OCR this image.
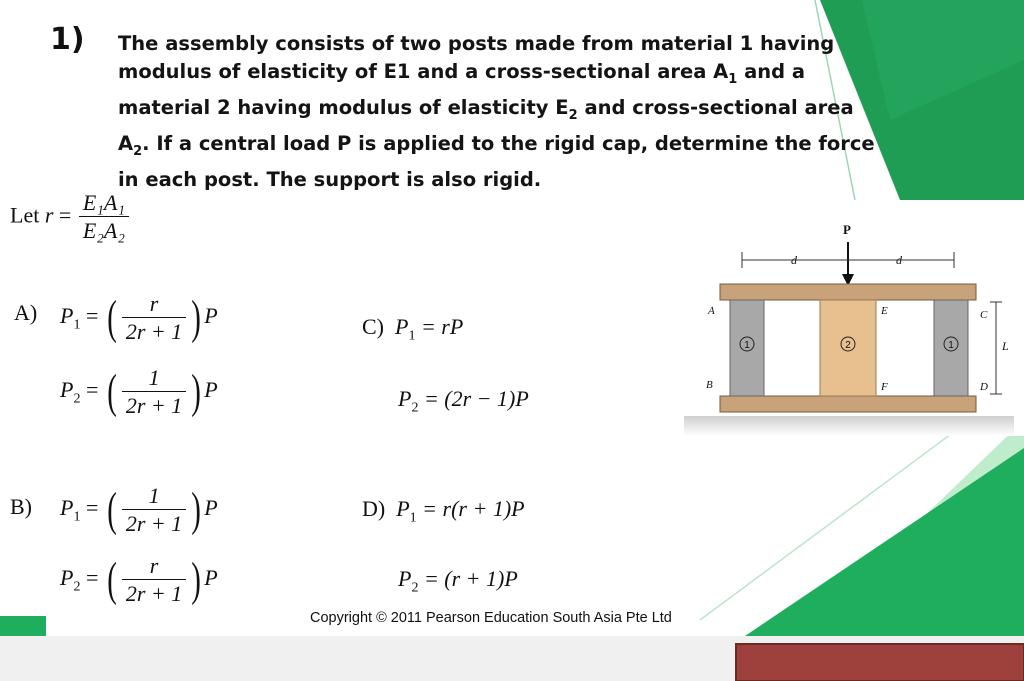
1) The assembly consists of two posts made from material 1 having
modulus of elasticity of E1 and a cross-sectional area $A_1$ and a
material 2 having modulus of elasticity $E_2$ and cross-sectional area
$A_2$. If a central load P is applied to the rigid cap, determine the force
in each post. The support is also rigid.

Let $r = \frac{\text{E₁A₁}}{\text{E₂A₂}}$
A) $P_1$ = ( $\frac{r}{2r + 1}$ ) P
$P_2$ = ( $\frac{1}{2r + 1}$ ) P
B) $P_1$ = ( $\frac{1}{2r + 1}$ ) P
$P_2$ = ( $\frac{r}{2r + 1}$ ) P
C) $P_1$ = rP
$P_2 = (2r - 1)P$
D) $P_1 = r(r + 1)P$
$P_2 = (r + 1)P$
P
d	d
1	2	1
A
B
E
F
C
D
L
Copyright © 2011 Pearson Education South Asia Pte Ltd
